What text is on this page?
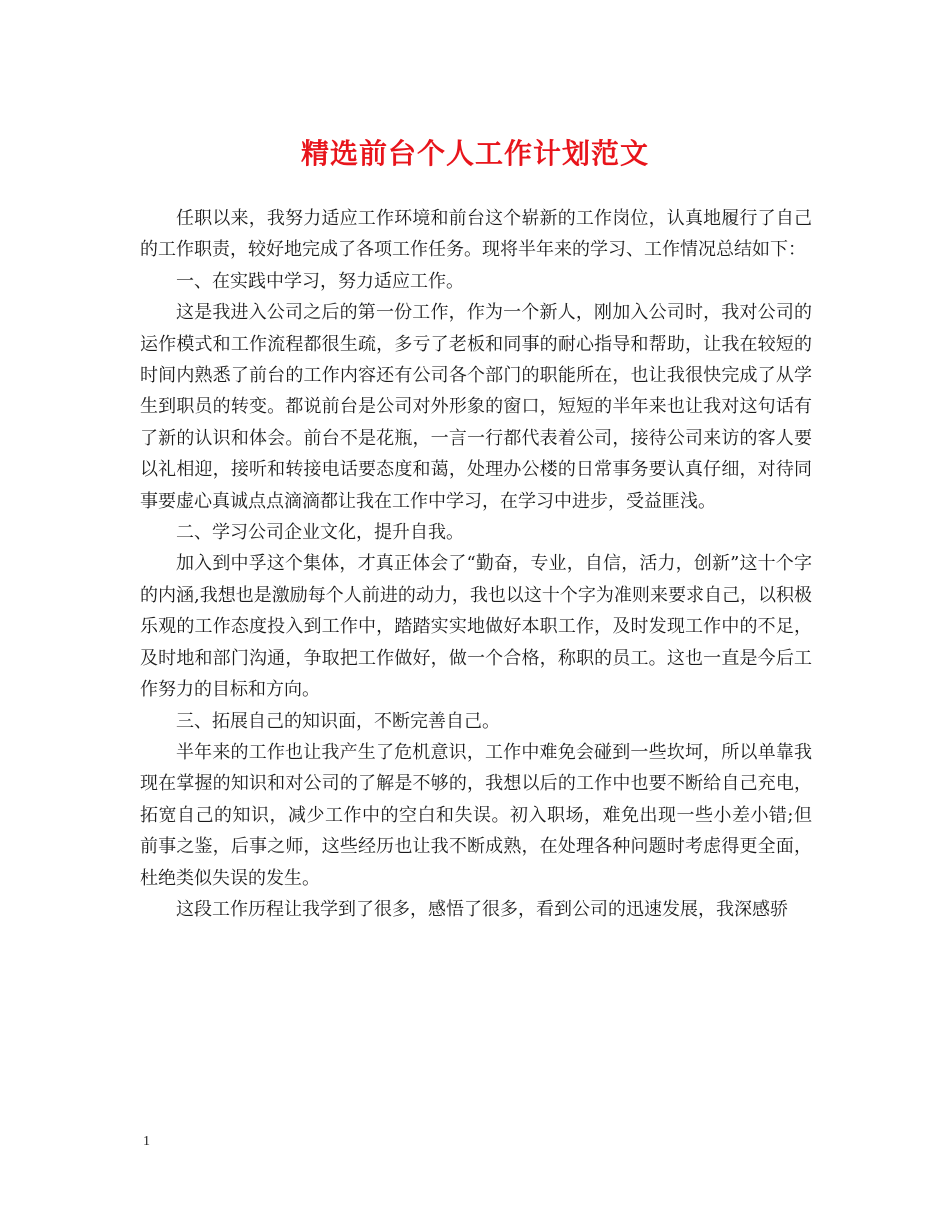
精选前台个人工作计划范文

任职以来，我努力适应工作环境和前台这个崭新的工作岗位，认真地履行了自己的工作职责，较好地完成了各项工作任务。现将半年来的学习、工作情况总结如下：

一、在实践中学习，努力适应工作。

这是我进入公司之后的第一份工作，作为一个新人，刚加入公司时，我对公司的运作模式和工作流程都很生疏，多亏了老板和同事的耐心指导和帮助，让我在较短的时间内熟悉了前台的工作内容还有公司各个部门的职能所在，也让我很快完成了从学生到职员的转变。都说前台是公司对外形象的窗口，短短的半年来也让我对这句话有了新的认识和体会。前台不是花瓶，一言一行都代表着公司，接待公司来访的客人要以礼相迎，接听和转接电话要态度和蔼，处理办公楼的日常事务要认真仔细，对待同事要虚心真诚点点滴滴都让我在工作中学习，在学习中进步，受益匪浅。

二、学习公司企业文化，提升自我。

加入到中孚这个集体，才真正体会了“勤奋，专业，自信，活力，创新”这十个字的内涵,我想也是激励每个人前进的动力，我也以这十个字为准则来要求自己，以积极乐观的工作态度投入到工作中，踏踏实实地做好本职工作，及时发现工作中的不足，及时地和部门沟通，争取把工作做好，做一个合格，称职的员工。这也一直是今后工作努力的目标和方向。

三、拓展自己的知识面，不断完善自己。

半年来的工作也让我产生了危机意识，工作中难免会碰到一些坎坷，所以单靠我现在掌握的知识和对公司的了解是不够的，我想以后的工作中也要不断给自己充电，拓宽自己的知识，减少工作中的空白和失误。初入职场，难免出现一些小差小错;但前事之鉴，后事之师，这些经历也让我不断成熟，在处理各种问题时考虑得更全面，杜绝类似失误的发生。

这段工作历程让我学到了很多，感悟了很多，看到公司的迅速发展，我深感骄

1
